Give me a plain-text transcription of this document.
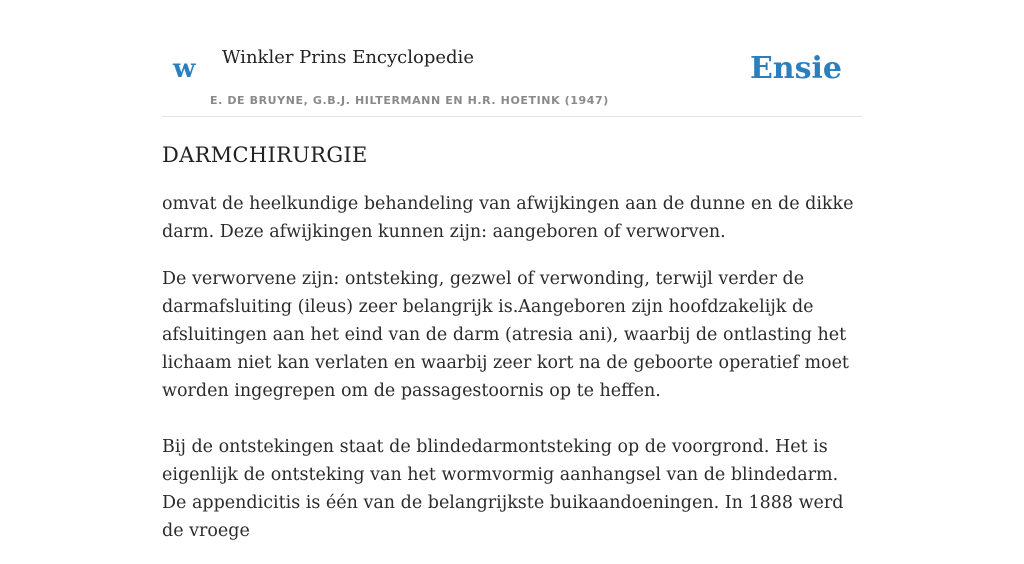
w Winkler Prins Encyclopedie
E. DE BRUYNE, G.B.J. HILTERMANN EN H.R. HOETINK (1947)
Ensie
DARMCHIRURGIE

omvat de heelkundige behandeling van afwijkingen aan de dunne en de dikke darm. Deze afwijkingen kunnen zijn: aangeboren of verworven.

De verworvene zijn: ontsteking, gezwel of verwonding, terwijl verder de darmafsluiting (ileus) zeer belangrijk is.Aangeboren zijn hoofdzakelijk de afsluitingen aan het eind van de darm (atresia ani), waarbij de ontlasting het lichaam niet kan verlaten en waarbij zeer kort na de geboorte operatief moet worden ingegrepen om de passagestoornis op te heffen.

Bij de ontstekingen staat de blindedarmontsteking op de voorgrond. Het is eigenlijk de ontsteking van het wormvormig aanhangsel van de blindedarm. De appendicitis is één van de belangrijkste buikaandoeningen. In 1888 werd de vroege
